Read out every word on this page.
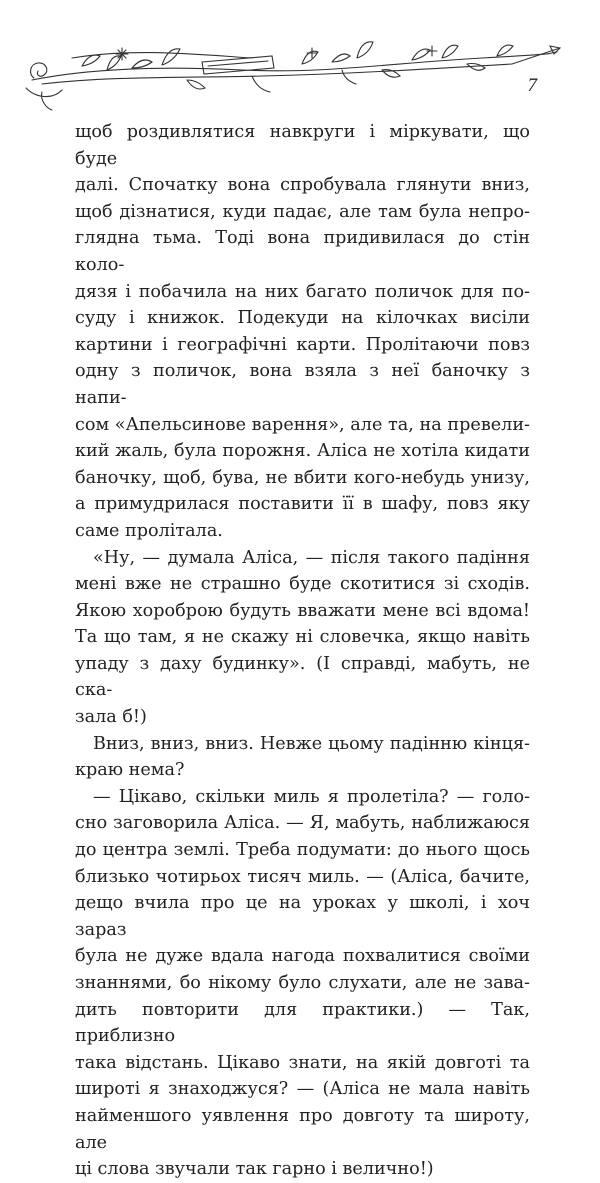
7

щоб роздивлятися навкруги і міркувати, що буде
далі. Спочатку вона спробувала глянути вниз,
щоб дізнатися, куди падає, але там була непро-
глядна тьма. Тоді вона придивилася до стін коло-
дязя і побачила на них багато поличок для по-
суду і книжок. Подекуди на кілочках висіли
картини і географічні карти. Пролітаючи повз
одну з поличок, вона взяла з неї баночку з напи-
сом «Апельсинове варення», але та, на превели-
кий жаль, була порожня. Аліса не хотіла кидати
баночку, щоб, бува, не вбити кого-небудь унизу,
а примудрилася поставити її в шафу, повз яку
саме пролітала.

«Ну, — думала Аліса, — після такого падіння
мені вже не страшно буде скотитися зі сходів.
Якою хороброю будуть вважати мене всі вдома!
Та що там, я не скажу ні словечка, якщо навіть
упаду з даху будинку». (І справді, мабуть, не ска-
зала б!)

Вниз, вниз, вниз. Невже цьому падінню кінця-
краю нема?

— Цікаво, скільки миль я пролетіла? — голо-
сно заговорила Аліса. — Я, мабуть, наближаюся
до центра землі. Треба подумати: до нього щось
близько чотирьох тисяч миль. — (Аліса, бачите,
дещо вчила про це на уроках у школі, і хоч зараз
була не дуже вдала нагода похвалитися своїми
знаннями, бо нікому було слухати, але не зава-
дить повторити для практики.) — Так, приблизно
така відстань. Цікаво знати, на якій довготі та
широті я знаходжуся? — (Аліса не мала навіть
найменшого уявлення про довготу та широту, але
ці слова звучали так гарно і величнo!)
